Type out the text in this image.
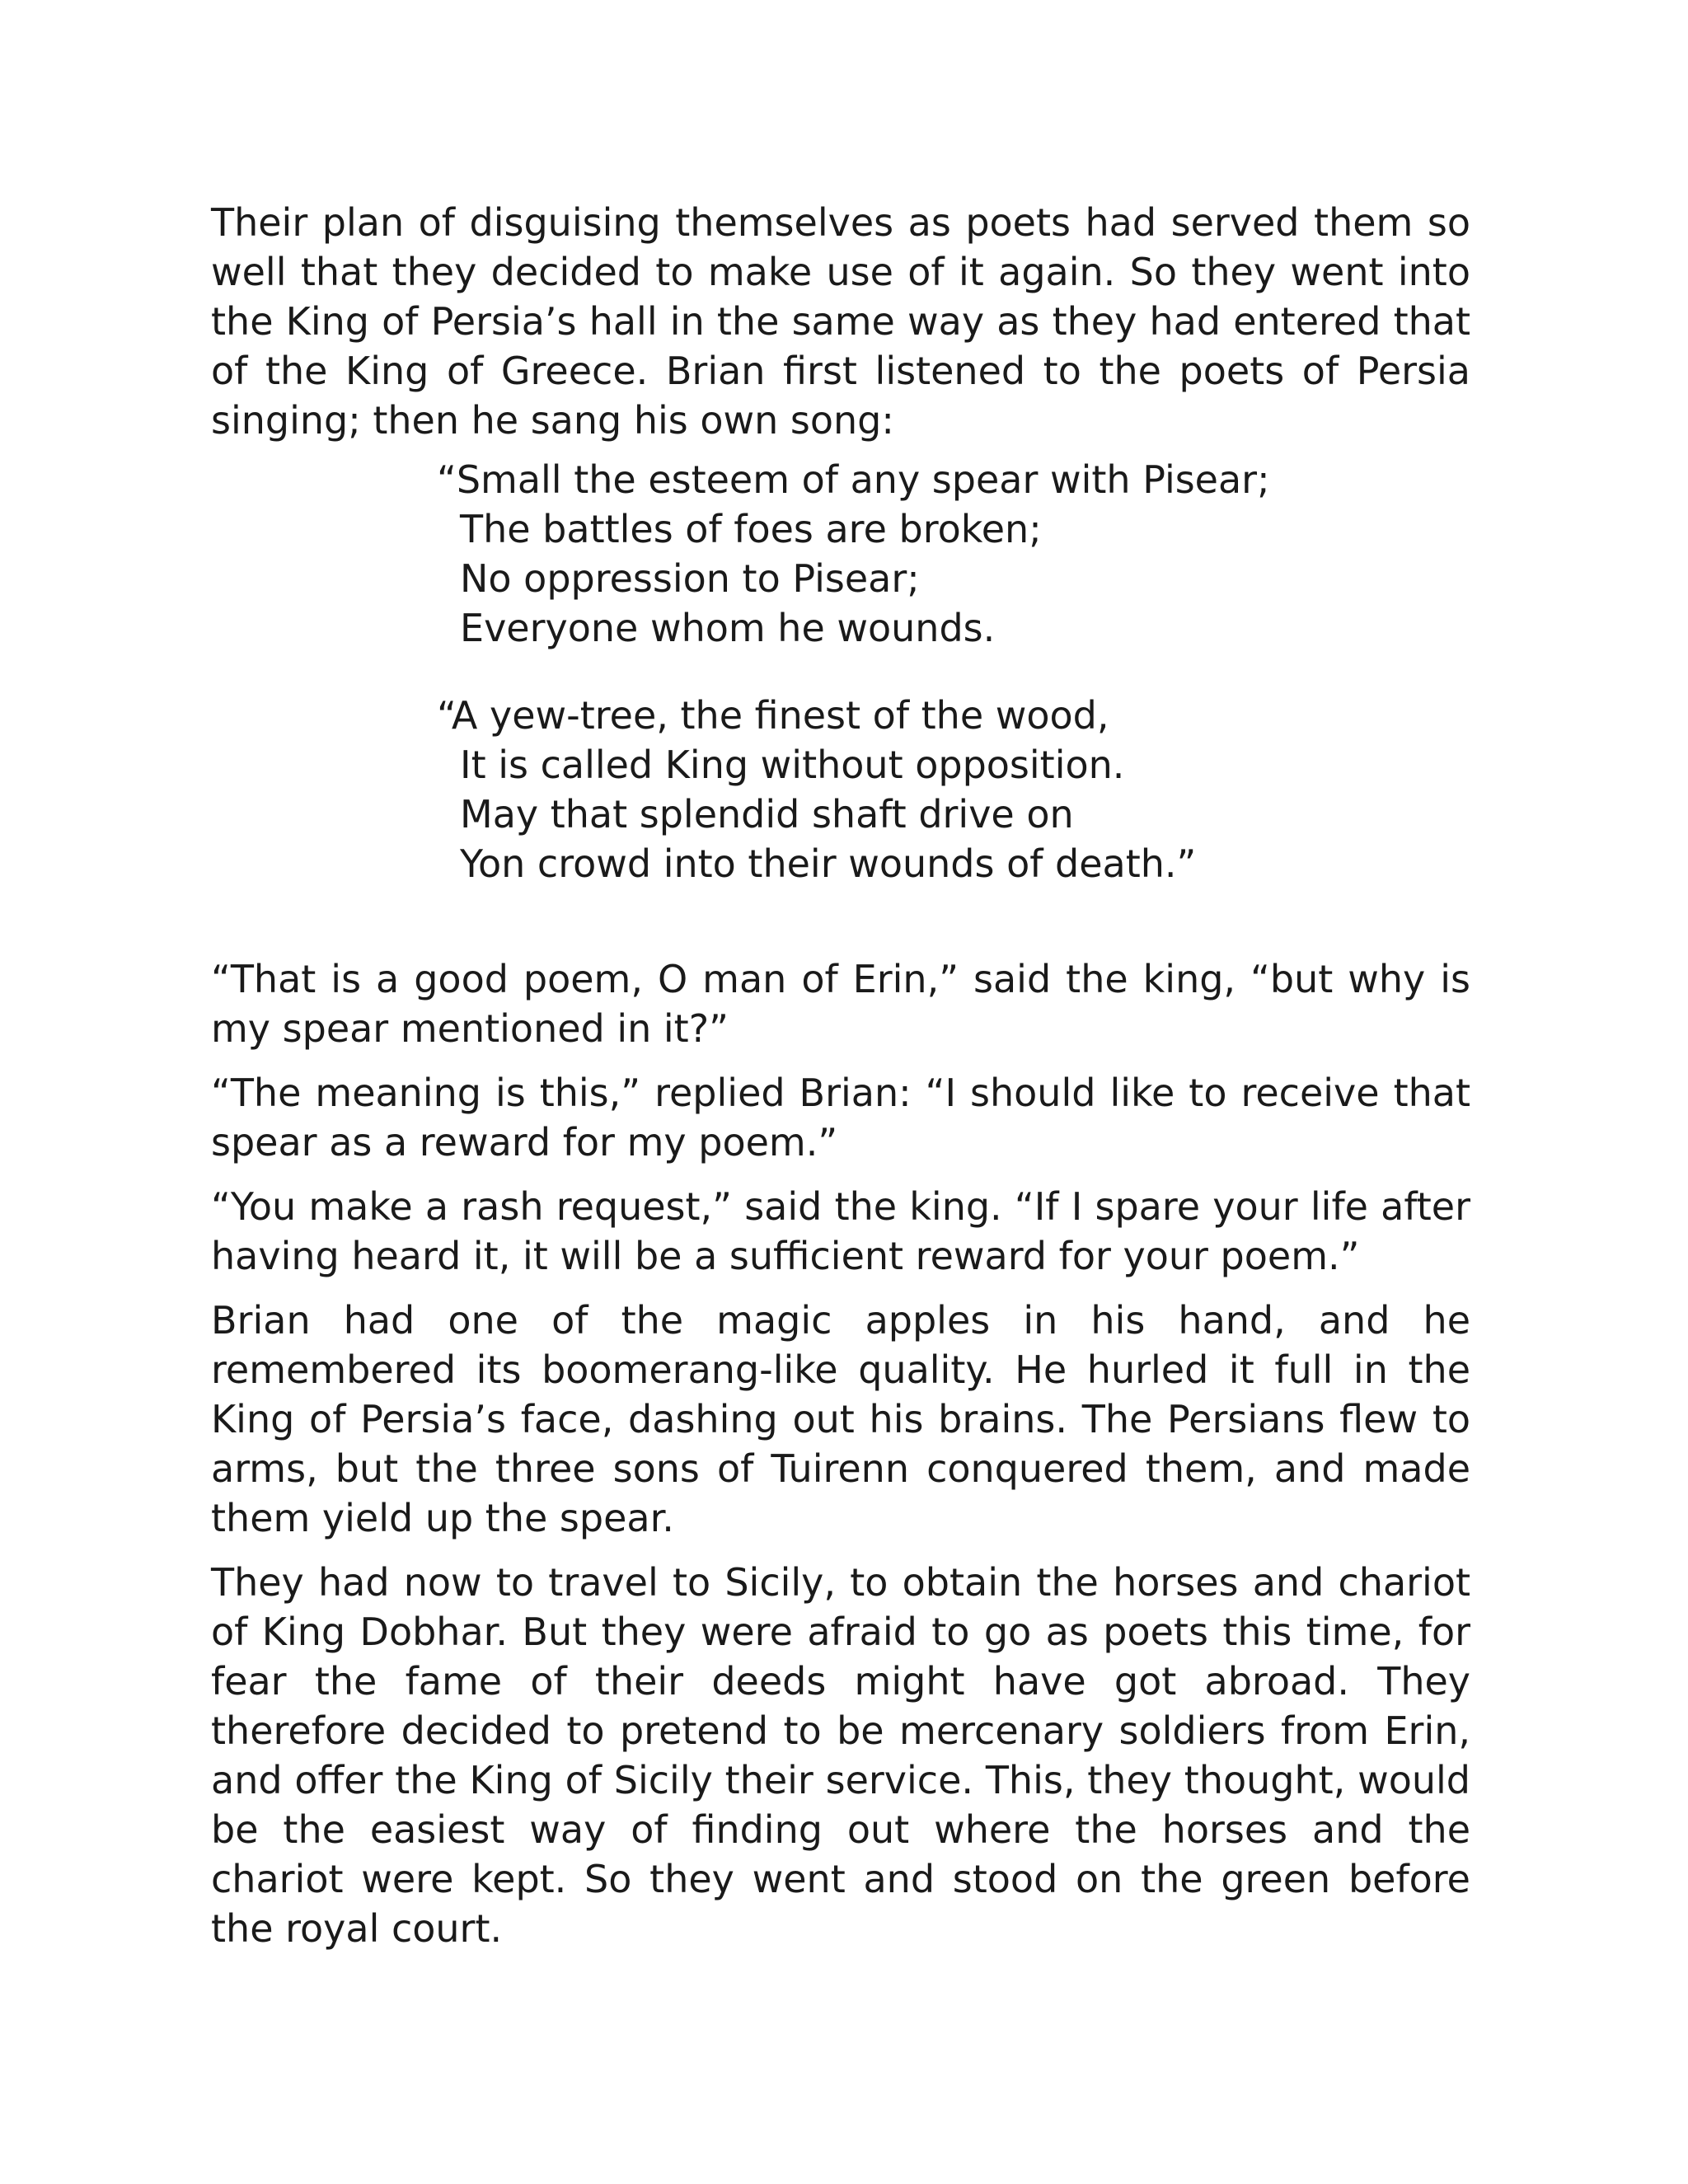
Their plan of disguising themselves as poets had served them so well that they decided to make use of it again. So they went into the King of Persia’s hall in the same way as they had entered that of the King of Greece. Brian first listened to the poets of Persia singing; then he sang his own song:

“Small the esteem of any spear with Pisear;
The battles of foes are broken;
No oppression to Pisear;
Everyone whom he wounds.
“A yew-tree, the finest of the wood,
It is called King without opposition.
May that splendid shaft drive on
Yon crowd into their wounds of death.”

“That is a good poem, O man of Erin,” said the king, “but why is my spear mentioned in it?”

“The meaning is this,” replied Brian: “I should like to receive that spear as a reward for my poem.”

“You make a rash request,” said the king. “If I spare your life after having heard it, it will be a sufficient reward for your poem.”

Brian had one of the magic apples in his hand, and he remembered its boomerang-like quality. He hurled it full in the King of Persia’s face, dashing out his brains. The Persians flew to arms, but the three sons of Tuirenn conquered them, and made them yield up the spear.

They had now to travel to Sicily, to obtain the horses and chariot of King Dobhar. But they were afraid to go as poets this time, for fear the fame of their deeds might have got abroad. They therefore decided to pretend to be mercenary soldiers from Erin, and offer the King of Sicily their service. This, they thought, would be the easiest way of finding out where the horses and the chariot were kept. So they went and stood on the green before the royal court.
